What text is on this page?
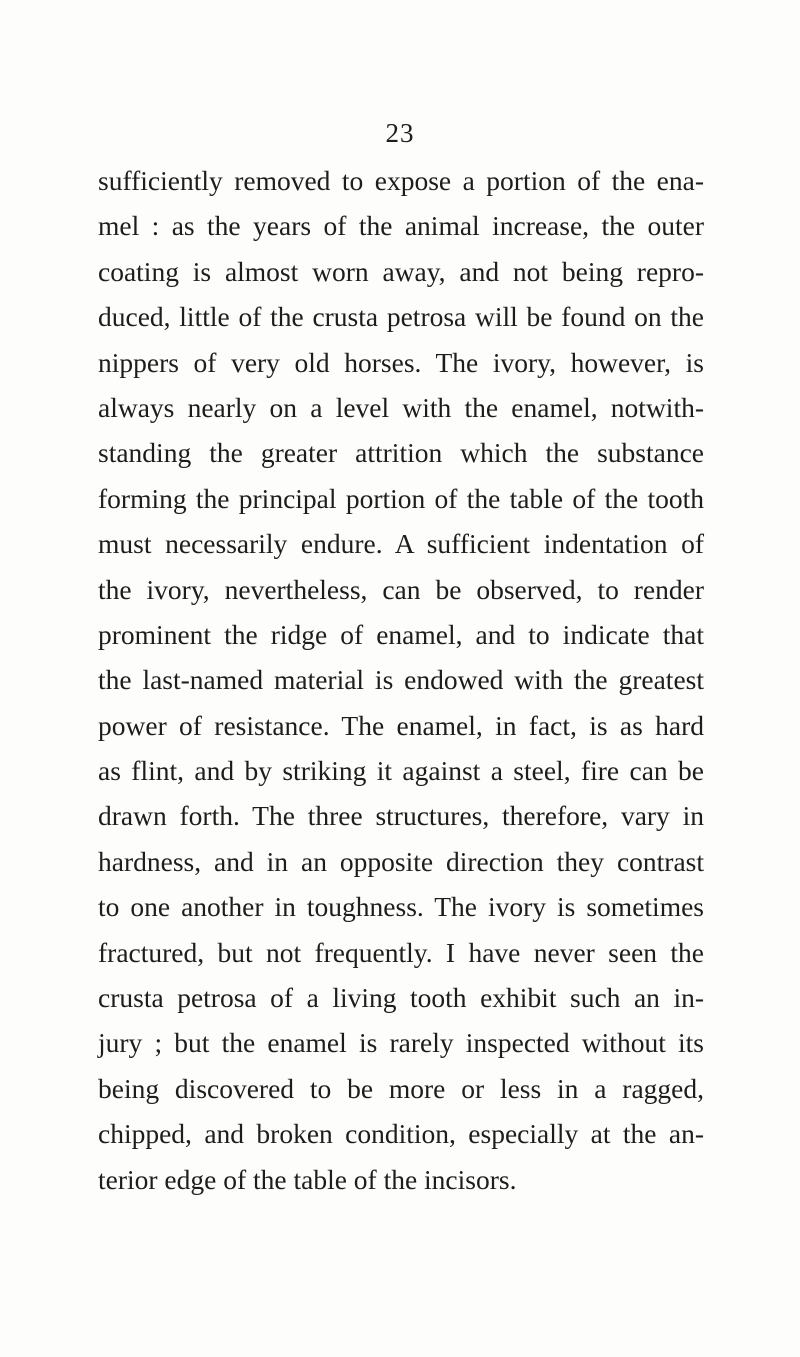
23
sufficiently removed to expose a portion of the ena-
mel : as the years of the animal increase, the outer
coating is almost worn away, and not being repro-
duced, little of the crusta petrosa will be found on the
nippers of very old horses. The ivory, however, is
always nearly on a level with the enamel, notwith-
standing the greater attrition which the substance
forming the principal portion of the table of the tooth
must necessarily endure. A sufficient indentation of
the ivory, nevertheless, can be observed, to render
prominent the ridge of enamel, and to indicate that
the last-named material is endowed with the greatest
power of resistance. The enamel, in fact, is as hard
as flint, and by striking it against a steel, fire can be
drawn forth. The three structures, therefore, vary in
hardness, and in an opposite direction they contrast
to one another in toughness. The ivory is sometimes
fractured, but not frequently. I have never seen the
crusta petrosa of a living tooth exhibit such an in-
jury ; but the enamel is rarely inspected without its
being discovered to be more or less in a ragged,
chipped, and broken condition, especially at the an-
terior edge of the table of the incisors.
